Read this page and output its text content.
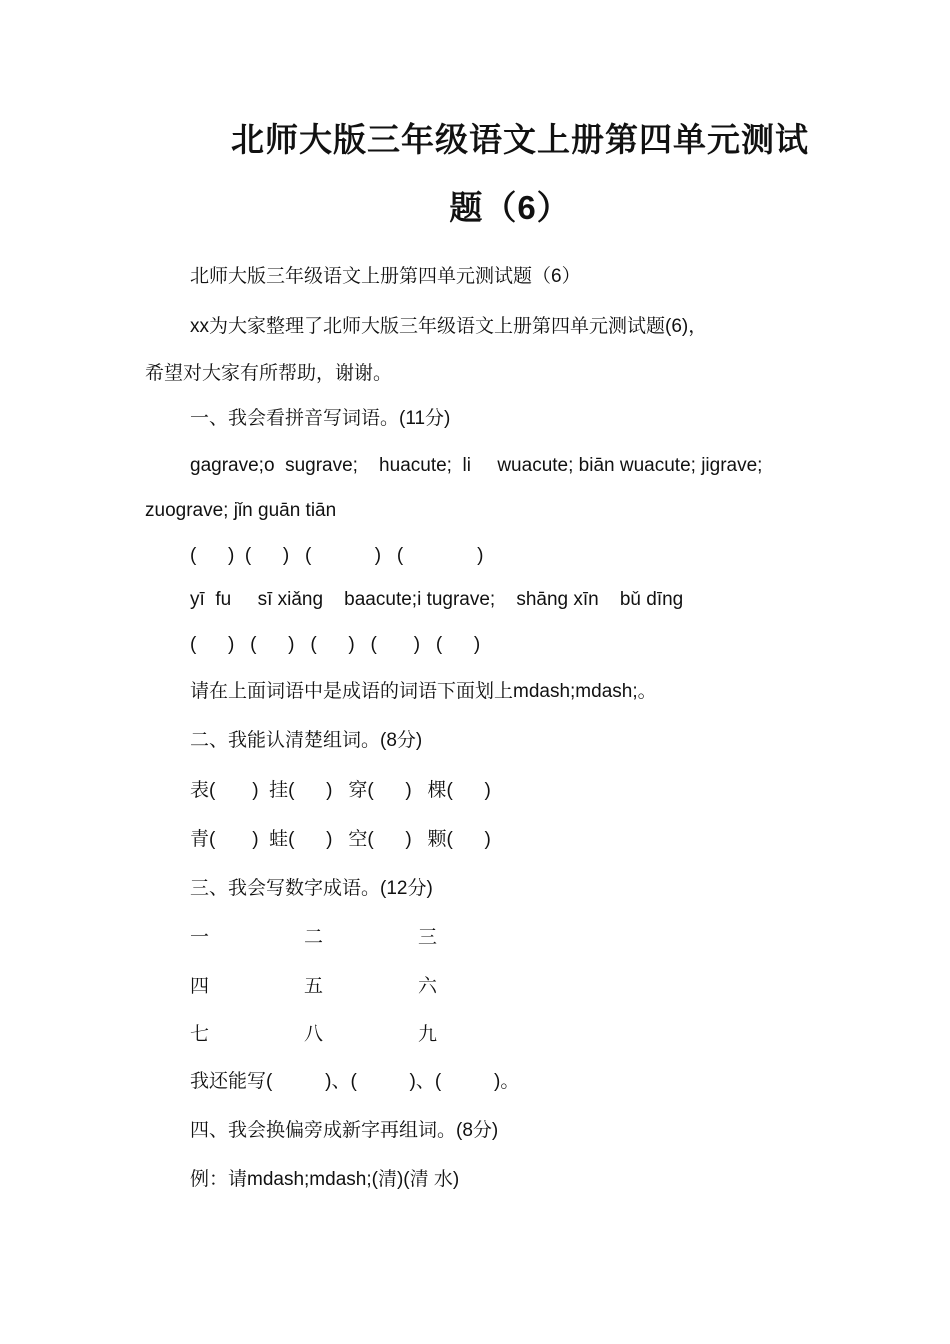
北师大版三年级语文上册第四单元测试
题（6）
北师大版三年级语文上册第四单元测试题（6）
xx为大家整理了北师大版三年级语文上册第四单元测试题(6)，
希望对大家有所帮助，谢谢。
一、我会看拼音写词语。(11分)
gagrave;o  sugrave;    huacute;  li     wuacute; biān wuacute; jigrave;
zuograve; jǐn guān tiān
(      )  (      )   (            )   (              )
yī  fu     sī xiǎng    baacute;i tugrave;    shāng xīn    bǔ dīng
(      )   (      )   (      )   (       )   (      )
请在上面词语中是成语的词语下面划上mdash;mdash;。
二、我能认清楚组词。(8分)
表(       )  挂(      )   穿(      )   棵(      )
青(       )  蛙(      )   空(      )   颗(      )
三、我会写数字成语。(12分)
一                  二                  三
四                  五                  六
七                  八                  九
我还能写(          )、(          )、(          )。
四、我会换偏旁成新字再组词。(8分)
例：请mdash;mdash;(清)(清 水)
